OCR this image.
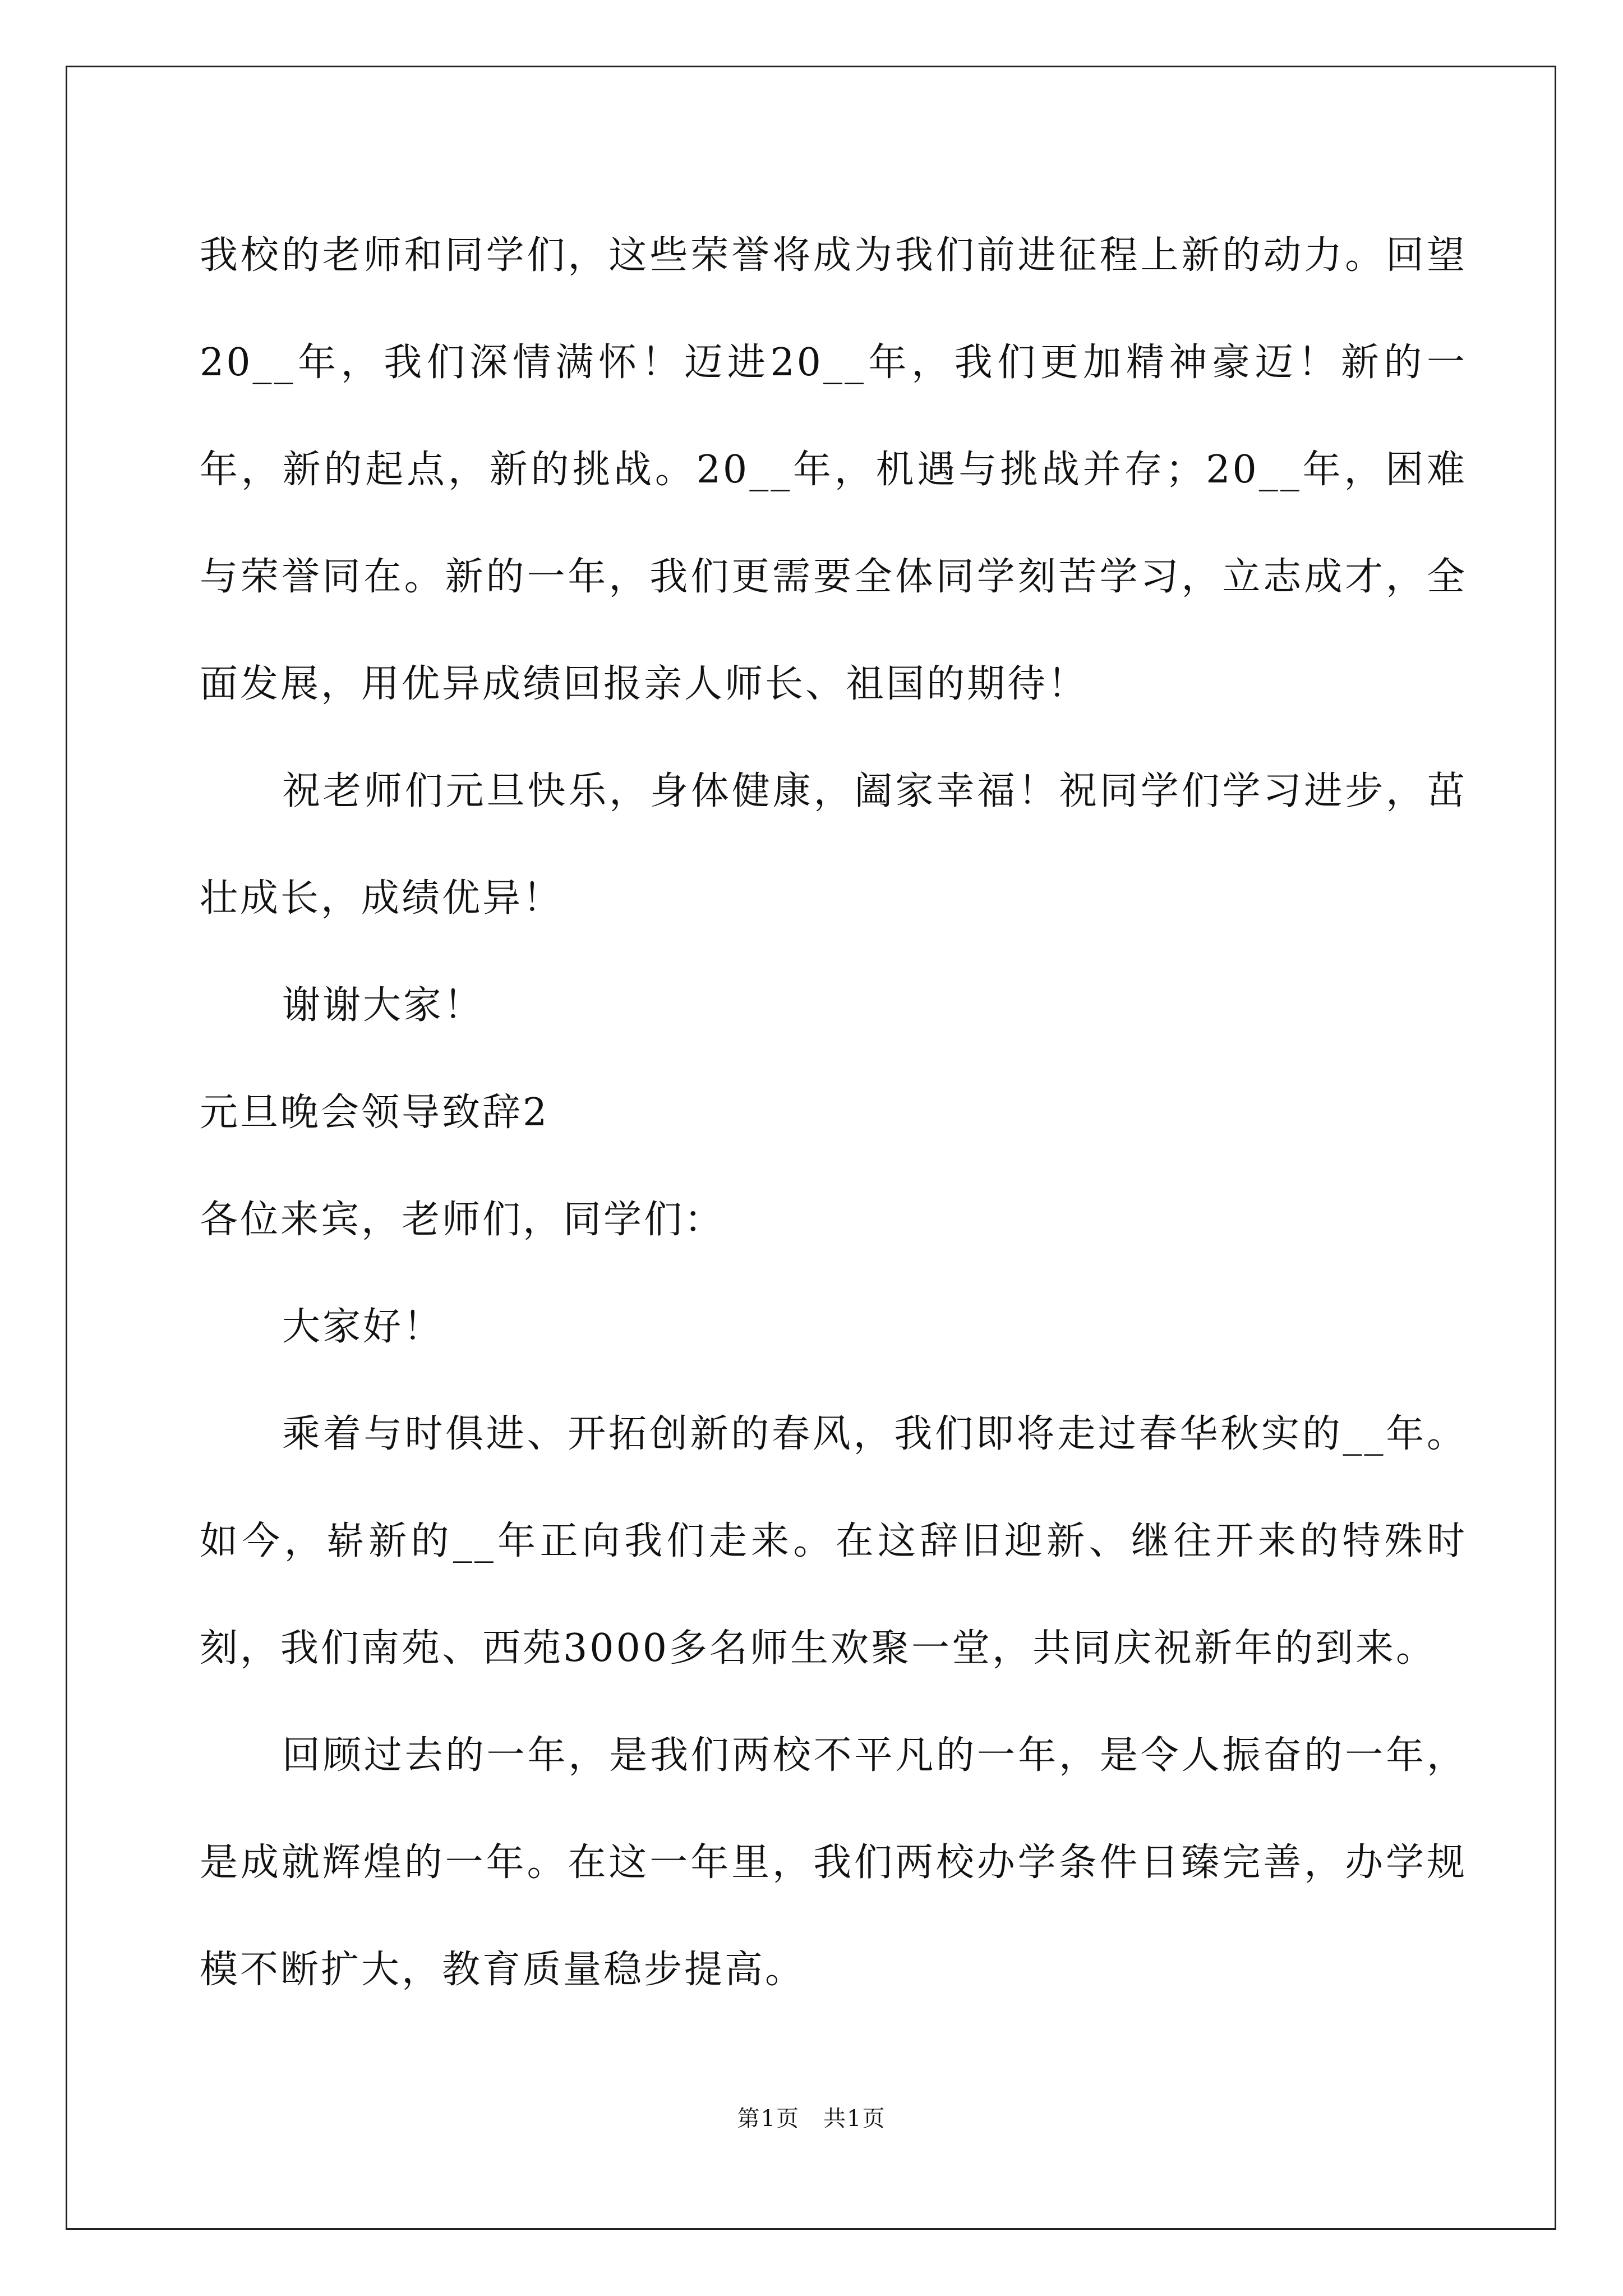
我校的老师和同学们，这些荣誉将成为我们前进征程上新的动力。回望20__年，我们深情满怀！迈进20__年，我们更加精神豪迈！新的一年，新的起点，新的挑战。20__年，机遇与挑战并存；20__年，困难与荣誉同在。新的一年，我们更需要全体同学刻苦学习，立志成才，全面发展，用优异成绩回报亲人师长、祖国的期待！

祝老师们元旦快乐，身体健康，阖家幸福！祝同学们学习进步，茁壮成长，成绩优异！

谢谢大家！

元旦晚会领导致辞2

各位来宾，老师们，同学们：

大家好！

乘着与时俱进、开拓创新的春风，我们即将走过春华秋实的__年。如今，崭新的__年正向我们走来。在这辞旧迎新、继往开来的特殊时刻，我们南苑、西苑3000多名师生欢聚一堂，共同庆祝新年的到来。

回顾过去的一年，是我们两校不平凡的一年，是令人振奋的一年，是成就辉煌的一年。在这一年里，我们两校办学条件日臻完善，办学规模不断扩大，教育质量稳步提高。

第1页　共1页
